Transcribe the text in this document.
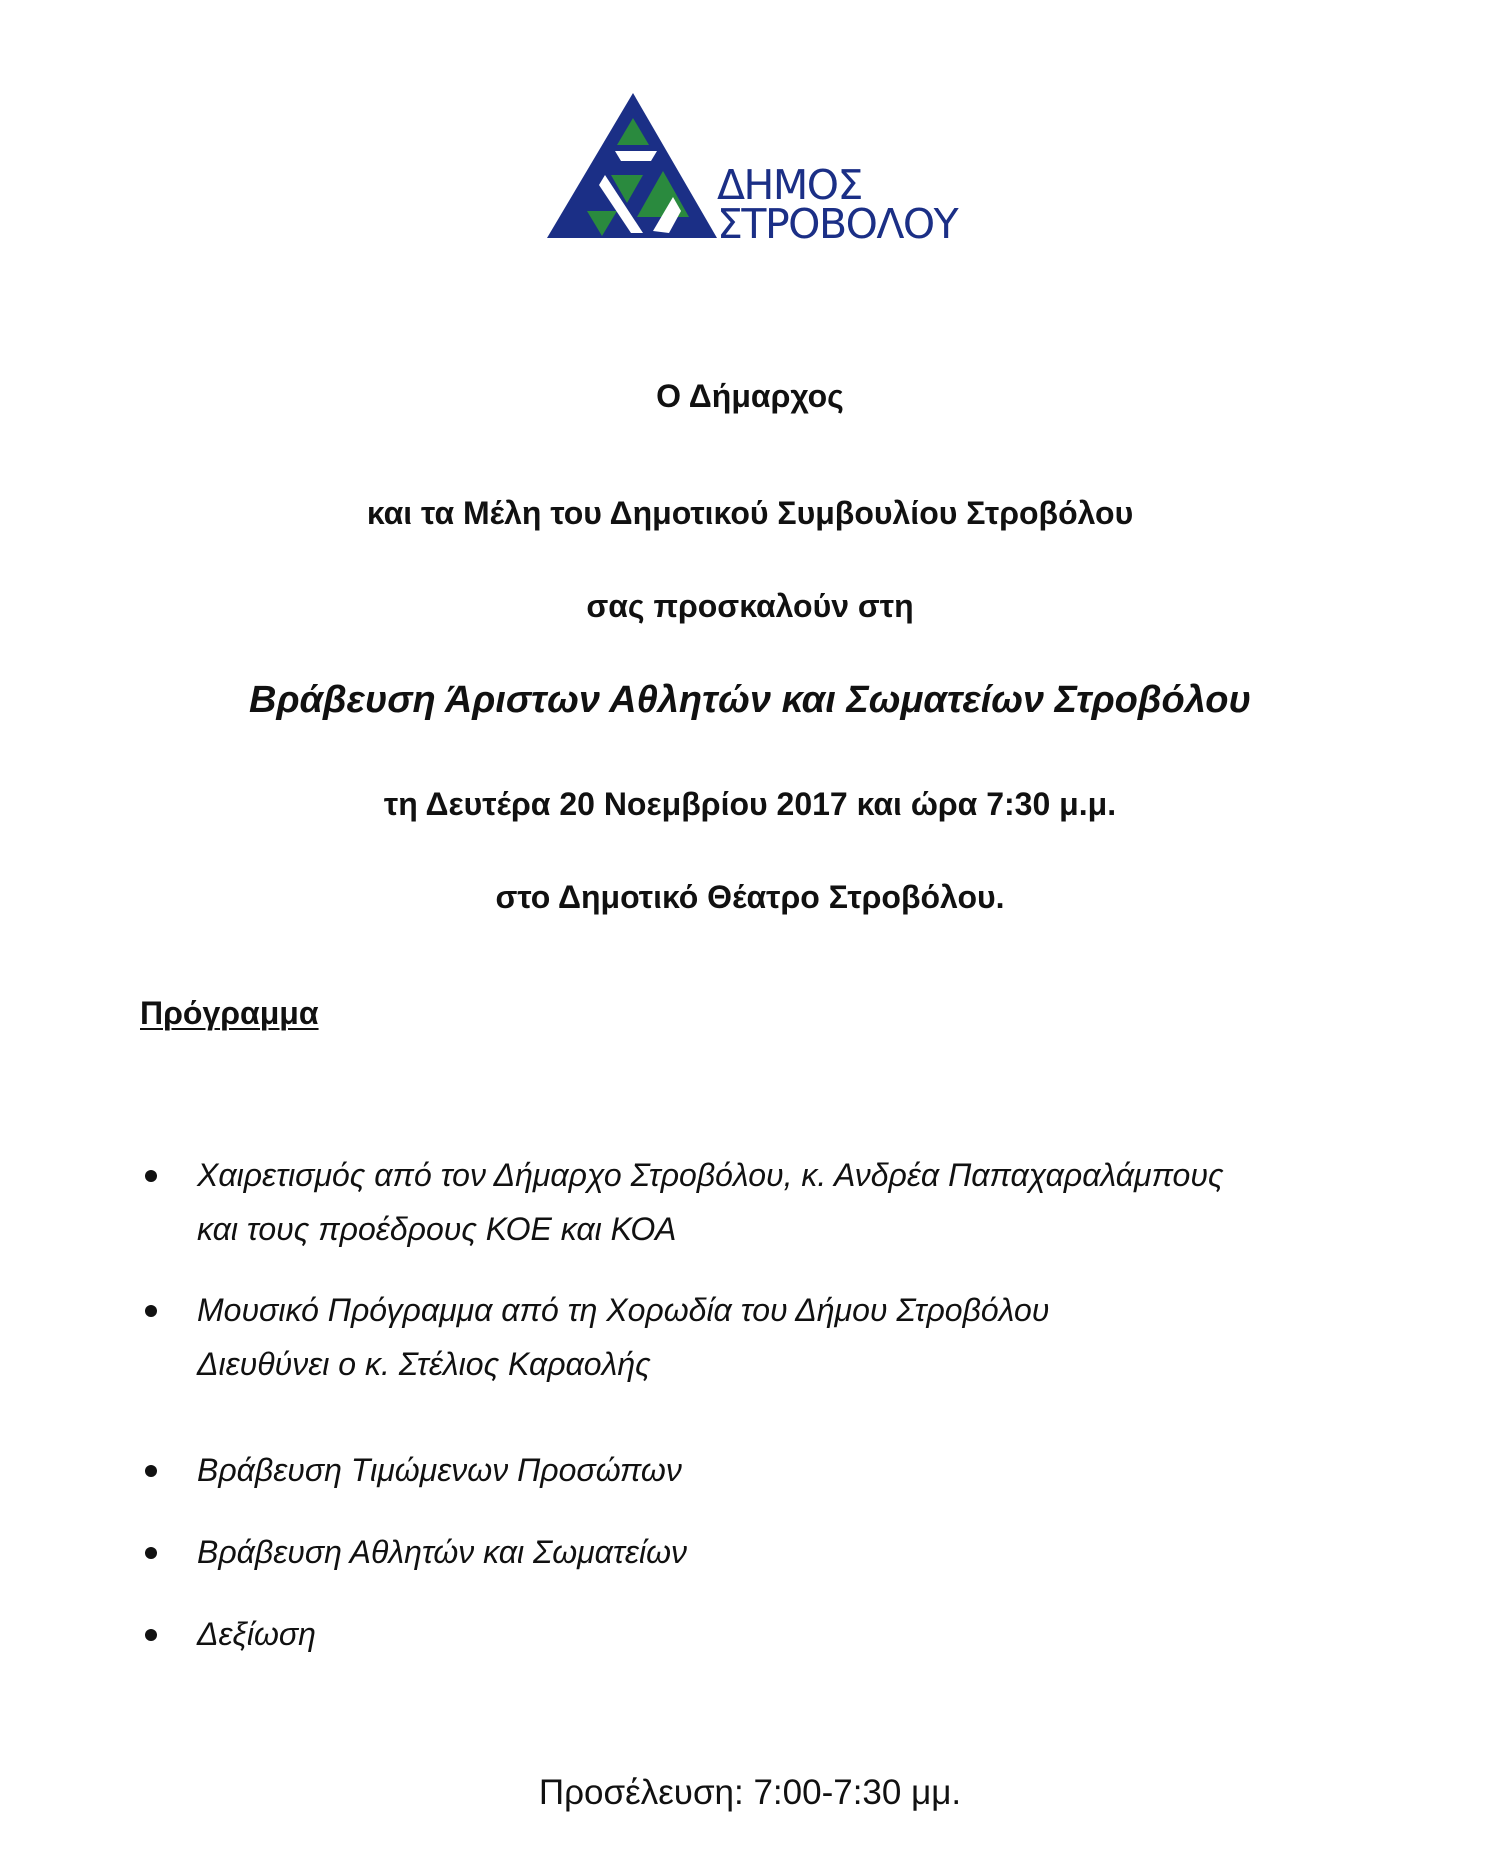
ΔΗΜΟΣ
ΣΤΡΟΒΟΛΟΥ
Ο Δήμαρχος
και τα Μέλη του Δημοτικού Συμβουλίου Στροβόλου
σας προσκαλούν στη
Βράβευση Άριστων Αθλητών και Σωματείων Στροβόλου
τη Δευτέρα 20 Νοεμβρίου 2017 και ώρα 7:30 μ.μ.
στο Δημοτικό Θέατρο Στροβόλου.
Πρόγραμμα
Χαιρετισμός από τον Δήμαρχο Στροβόλου, κ. Ανδρέα Παπαχαραλάμπους
και τους προέδρους ΚΟΕ και ΚΟΑ
Μουσικό Πρόγραμμα από τη Χορωδία του Δήμου Στροβόλου
Διευθύνει ο κ. Στέλιος Καραολής
Βράβευση Τιμώμενων Προσώπων
Βράβευση Αθλητών και Σωματείων
Δεξίωση
Προσέλευση: 7:00-7:30 μμ.
